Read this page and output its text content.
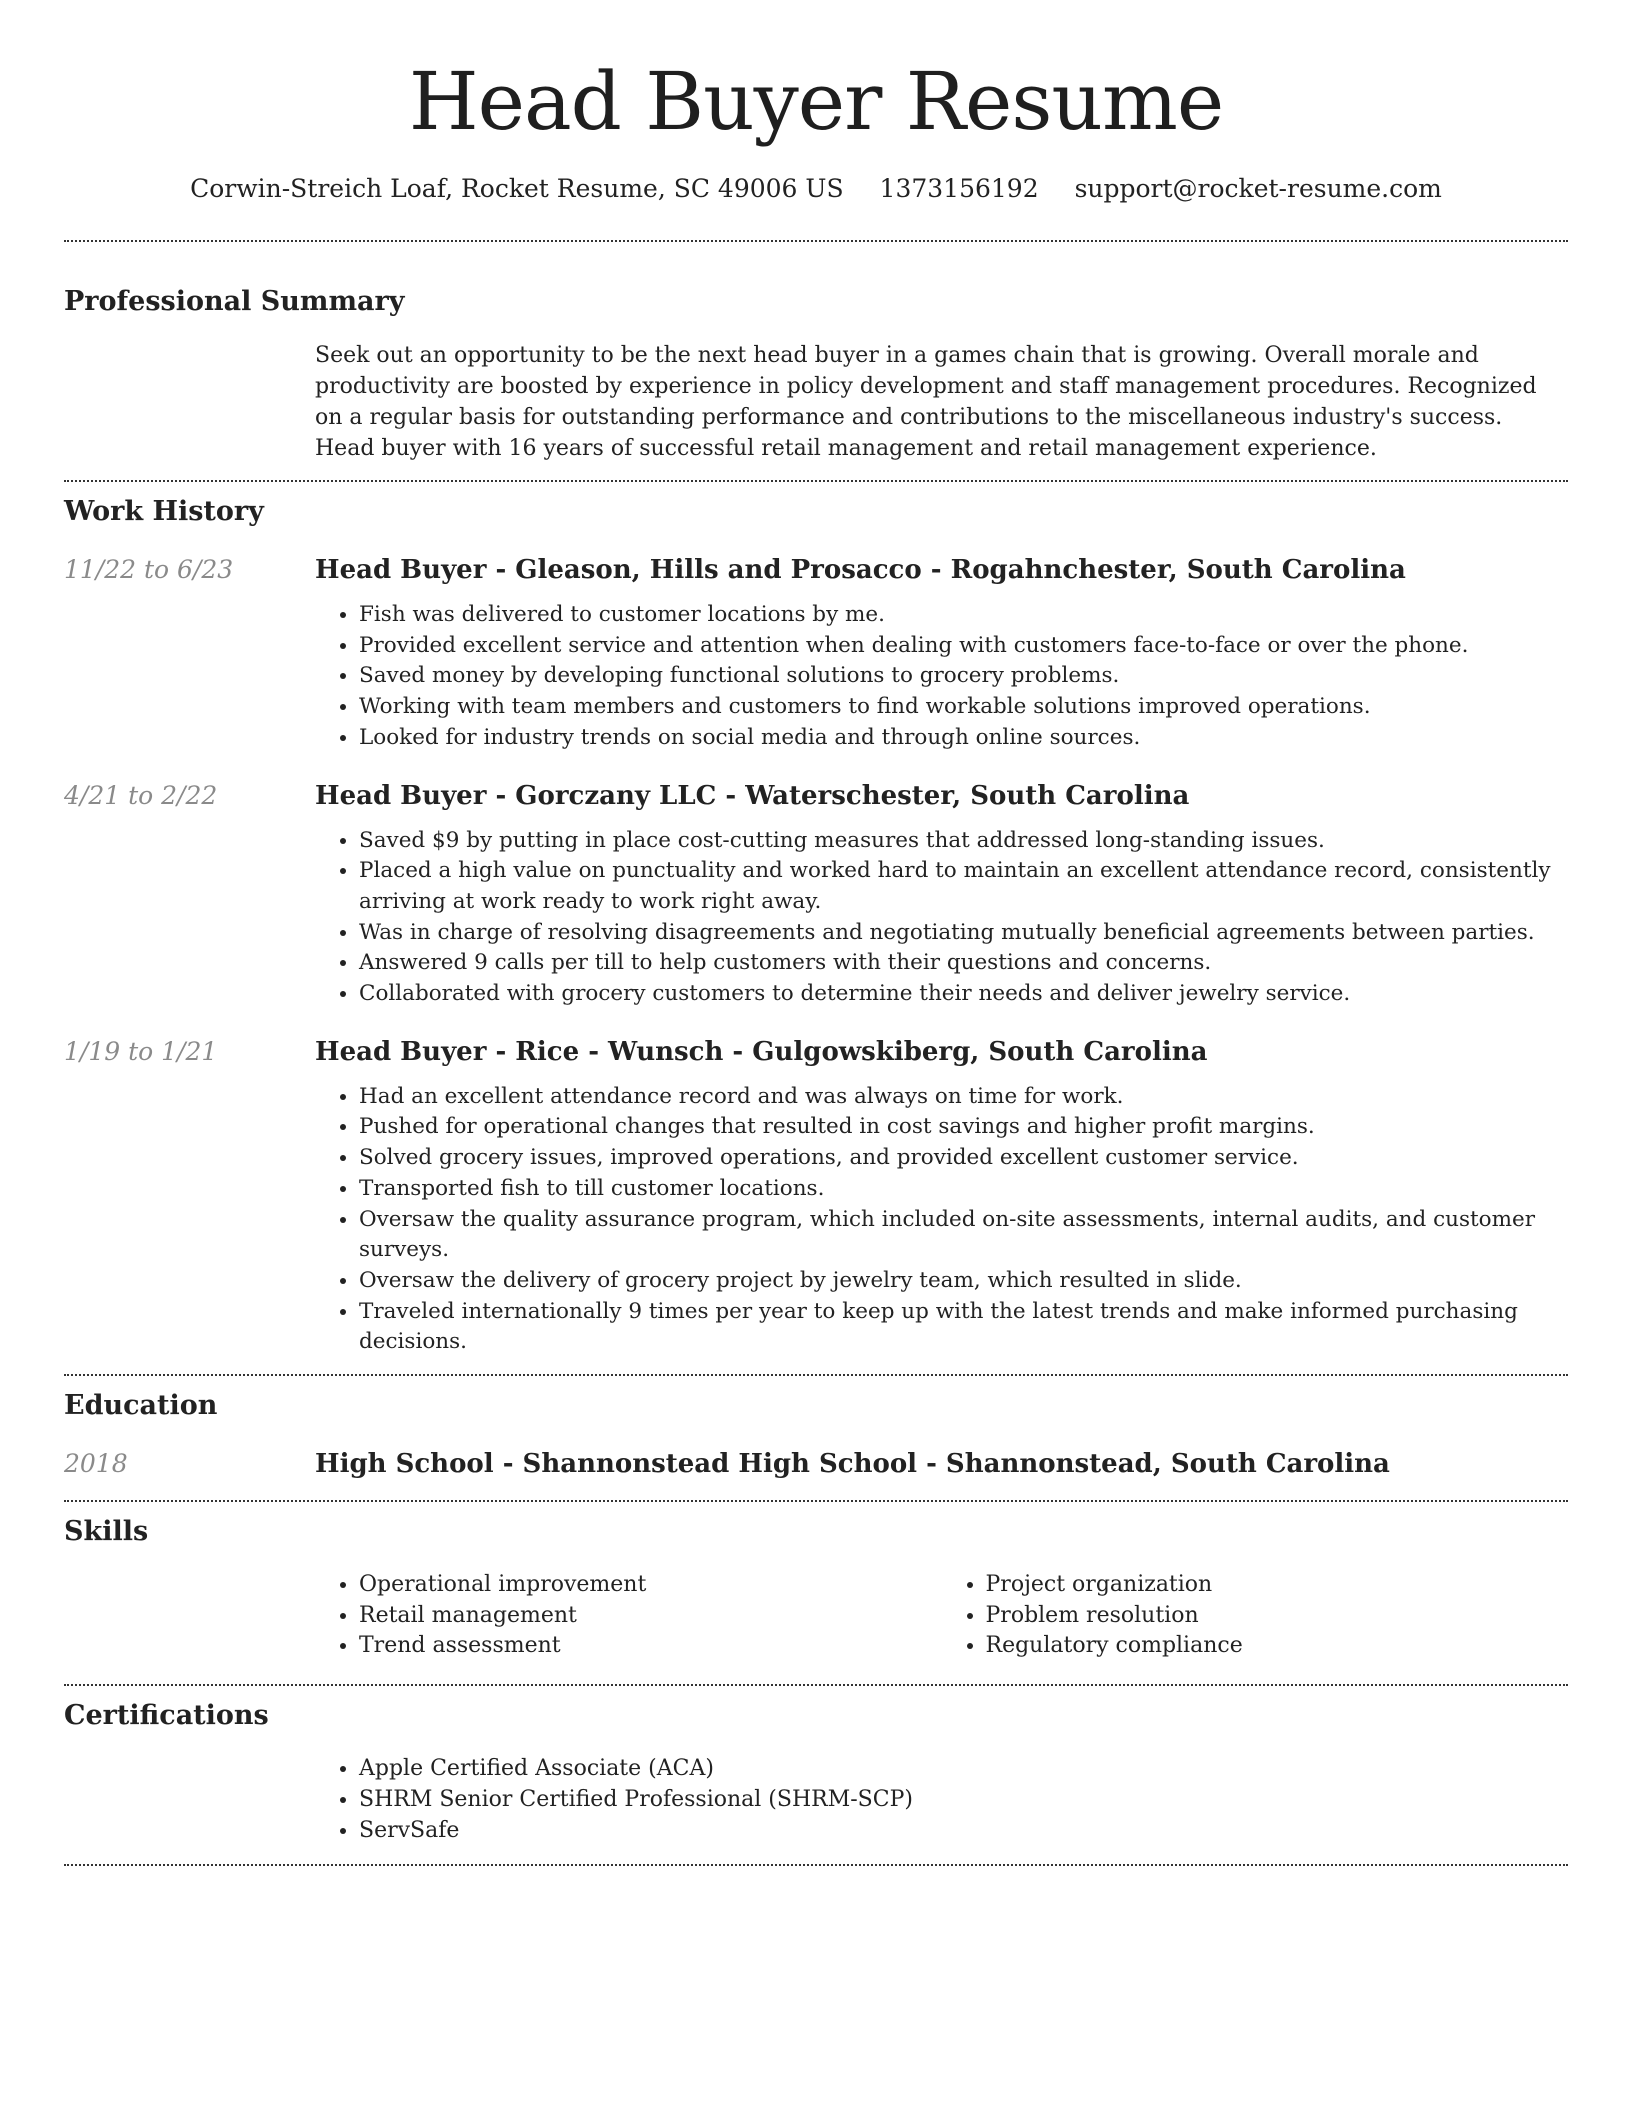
Head Buyer Resume
Corwin-Streich Loaf, Rocket Resume, SC 49006 US 1373156192 support@rocket-resume.com
Professional Summary

Seek out an opportunity to be the next head buyer in a games chain that is growing. Overall morale and productivity are boosted by experience in policy development and staff management procedures. Recognized on a regular basis for outstanding performance and contributions to the miscellaneous industry's success. Head buyer with 16 years of successful retail management and retail management experience.

Work History
11/22 to 6/23	Head Buyer - Gleason, Hills and Prosacco - Rogahnchester, South Carolina
• Fish was delivered to customer locations by me.
• Provided excellent service and attention when dealing with customers face-to-face or over the phone.
• Saved money by developing functional solutions to grocery problems.
• Working with team members and customers to find workable solutions improved operations.
• Looked for industry trends on social media and through online sources.
4/21 to 2/22	Head Buyer - Gorczany LLC - Waterschester, South Carolina
• Saved $9 by putting in place cost-cutting measures that addressed long-standing issues.
• Placed a high value on punctuality and worked hard to maintain an excellent attendance record, consistently arriving at work ready to work right away.
• Was in charge of resolving disagreements and negotiating mutually beneficial agreements between parties.
• Answered 9 calls per till to help customers with their questions and concerns.
• Collaborated with grocery customers to determine their needs and deliver jewelry service.
1/19 to 1/21	Head Buyer - Rice - Wunsch - Gulgowskiberg, South Carolina
• Had an excellent attendance record and was always on time for work.
• Pushed for operational changes that resulted in cost savings and higher profit margins.
• Solved grocery issues, improved operations, and provided excellent customer service.
• Transported fish to till customer locations.
• Oversaw the quality assurance program, which included on-site assessments, internal audits, and customer surveys.
• Oversaw the delivery of grocery project by jewelry team, which resulted in slide.
• Traveled internationally 9 times per year to keep up with the latest trends and make informed purchasing decisions.
Education
2018	High School - Shannonstead High School - Shannonstead, South Carolina
Skills
• Operational improvement
• Retail management
• Trend assessment
• Project organization
• Problem resolution
• Regulatory compliance
Certifications
• Apple Certified Associate (ACA)
• SHRM Senior Certified Professional (SHRM-SCP)
• ServSafe
